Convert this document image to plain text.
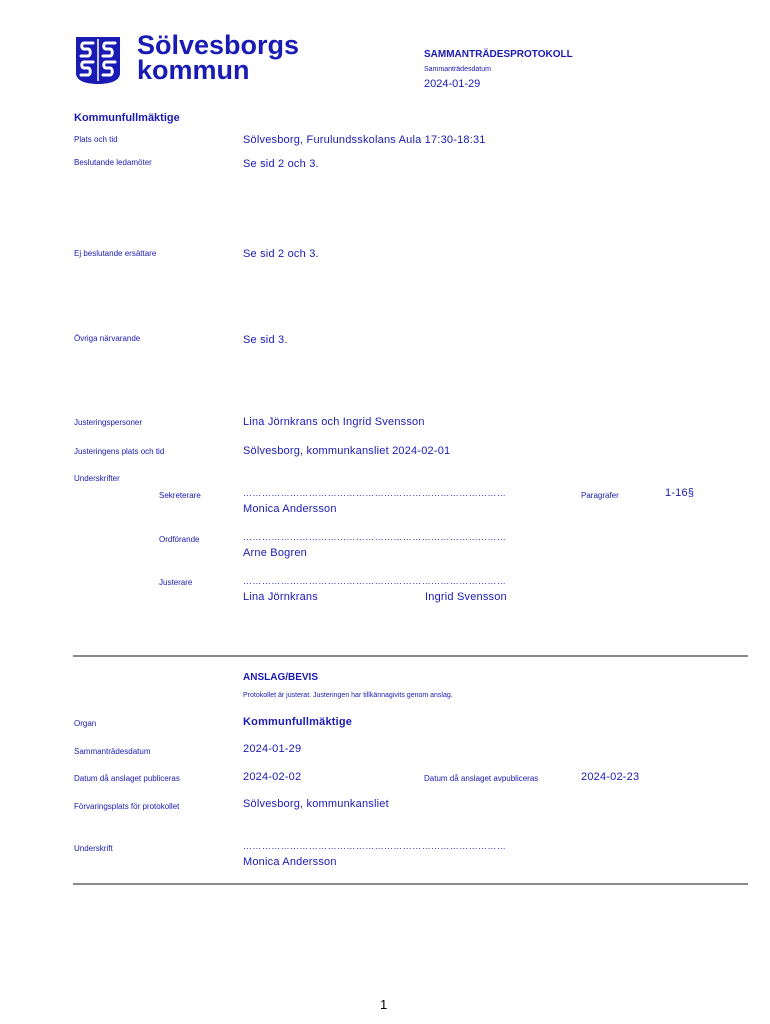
Sölvesborgs
kommun
SAMMANTRÄDESPROTOKOLL
Sammanträdesdatum
2024-01-29
Kommunfullmäktige
Plats och tid	Sölvesborg, Furulundsskolans Aula 17:30-18:31
Beslutande ledamöter	Se sid 2 och 3.
Ej beslutande ersättare	Se sid 2 och 3.
Övriga närvarande	Se sid 3.
Justeringspersoner	Lina Jörnkrans och Ingrid Svensson
Justeringens plats och tid	Sölvesborg, kommunkansliet 2024-02-01
Underskrifter
Sekreterare	…………………………………………………………………………
Monica Andersson
Paragrafer	1-16§
Ordförande	…………………………………………………………………………
Arne Bogren
Justerare	…………………………………………………………………………
Lina Jörnkrans	Ingrid Svensson
ANSLAG/BEVIS
Protokollet är justerat. Justeringen har tillkännagivits genom anslag.
Organ	Kommunfullmäktige
Sammanträdesdatum	2024-01-29
Datum då anslaget publiceras	2024-02-02	Datum då anslaget avpubliceras	2024-02-23
Förvaringsplats för protokollet	Sölvesborg, kommunkansliet
Underskrift	…………………………………………………………………………
Monica Andersson
1
